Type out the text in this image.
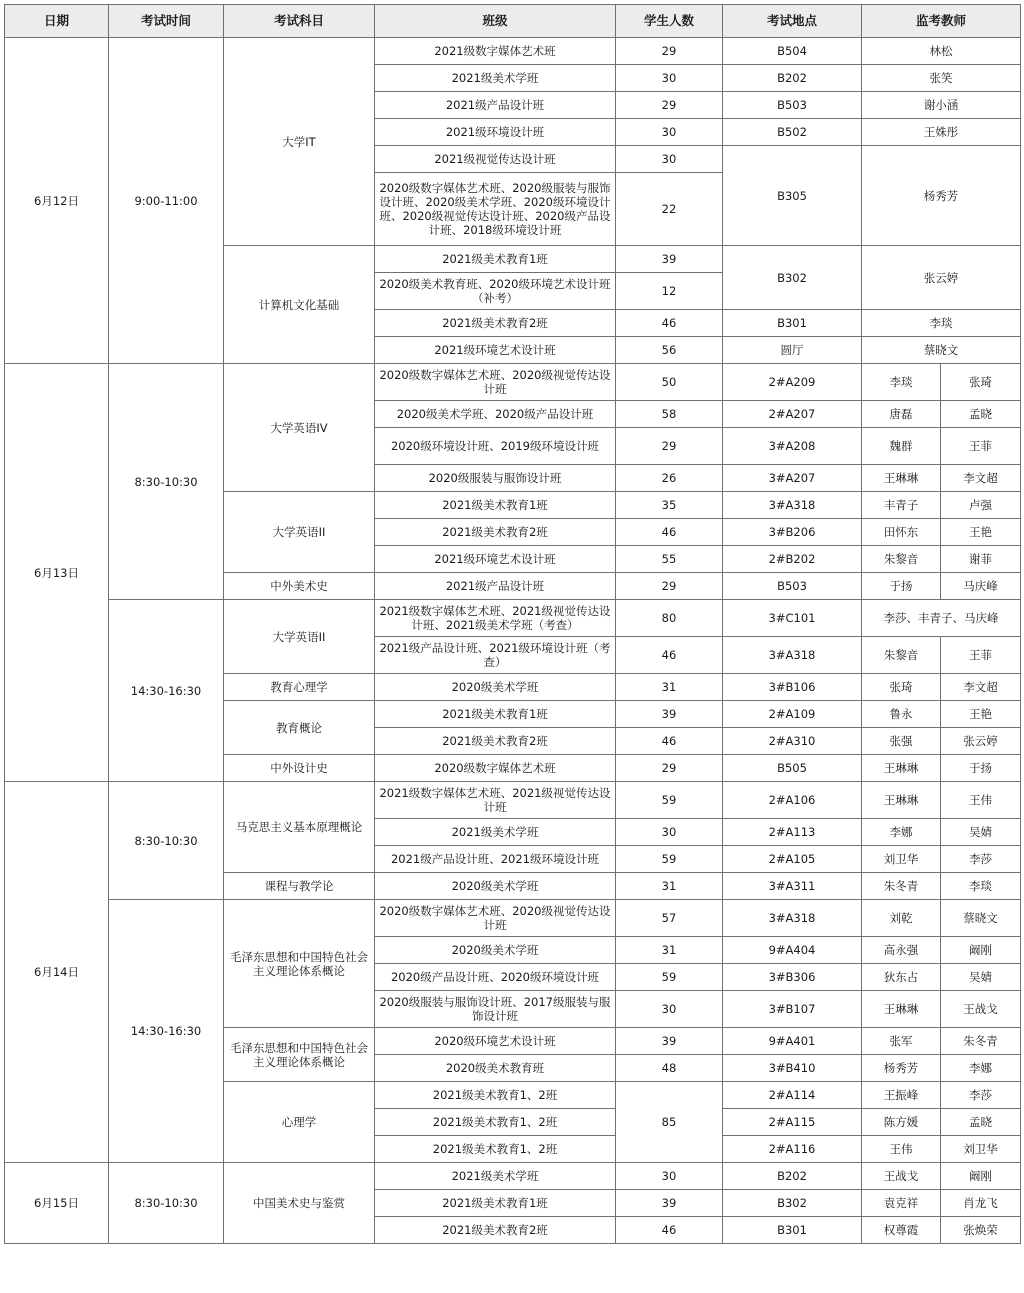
日期	考试时间	考试科目	班级	学生人数	考试地点	监考教师	
6月12日	9:00-11:00	大学IT	2021级数字媒体艺术班	29	B504	林松	
			2021级美术学班	30	B202	张笑	
			2021级产品设计班	29	B503	谢小涵	
			2021级环境设计班	30	B502	王姝彤	
			2021级视觉传达设计班	30	B305	杨秀芳	
			2020级数字媒体艺术班、2020级服装与服饰设计班、2020级美术学班、2020级环境设计班、2020级视觉传达设计班、2020级产品设计班、2018级环境设计班	22			
		计算机文化基础	2021级美术教育1班	39	B302	张云婷	
			2020级美术教育班、2020级环境艺术设计班（补考）	12			
			2021级美术教育2班	46	B301	李琰	
			2021级环境艺术设计班	56	圆厅	蔡晓文	
6月13日	8:30-10:30	大学英语IV	2020级数字媒体艺术班、2020级视觉传达设计班	50	2#A209	李琰	张琦
			2020级美术学班、2020级产品设计班	58	2#A207	唐磊	孟晓
			2020级环境设计班、2019级环境设计班	29	3#A208	魏群	王菲
			2020级服装与服饰设计班	26	3#A207	王琳琳	李文超
		大学英语II	2021级美术教育1班	35	3#A318	丰青子	卢强
			2021级美术教育2班	46	3#B206	田怀东	王艳
			2021级环境艺术设计班	55	2#B202	朱黎音	谢菲
		中外美术史	2021级产品设计班	29	B503	于扬	马庆峰
	14:30-16:30	大学英语II	2021级数字媒体艺术班、2021级视觉传达设计班、2021级美术学班（考查）	80	3#C101	李莎、丰青子、马庆峰	
			2021级产品设计班、2021级环境设计班（考查）	46	3#A318	朱黎音	王菲
		教育心理学	2020级美术学班	31	3#B106	张琦	李文超
		教育概论	2021级美术教育1班	39	2#A109	鲁永	王艳
			2021级美术教育2班	46	2#A310	张强	张云婷
		中外设计史	2020级数字媒体艺术班	29	B505	王琳琳	于扬
6月14日	8:30-10:30	马克思主义基本原理概论	2021级数字媒体艺术班、2021级视觉传达设计班	59	2#A106	王琳琳	王伟
			2021级美术学班	30	2#A113	李娜	吴婧
			2021级产品设计班、2021级环境设计班	59	2#A105	刘卫华	李莎
		课程与教学论	2020级美术学班	31	3#A311	朱冬青	李琰
	14:30-16:30	毛泽东思想和中国特色社会主义理论体系概论	2020级数字媒体艺术班、2020级视觉传达设计班	57	3#A318	刘乾	蔡晓文
			2020级美术学班	31	9#A404	高永强	阚刚
			2020级产品设计班、2020级环境设计班	59	3#B306	狄东占	吴婧
			2020级服装与服饰设计班、2017级服装与服饰设计班	30	3#B107	王琳琳	王战戈
		毛泽东思想和中国特色社会主义理论体系概论	2020级环境艺术设计班	39	9#A401	张军	朱冬青
			2020级美术教育班	48	3#B410	杨秀芳	李娜
		心理学	2021级美术教育1、2班	85	2#A114	王振峰	李莎
			2021级美术教育1、2班		2#A115	陈方媛	孟晓
			2021级美术教育1、2班		2#A116	王伟	刘卫华
6月15日	8:30-10:30	中国美术史与鉴赏	2021级美术学班	30	B202	王战戈	阚刚
			2021级美术教育1班	39	B302	袁克祥	肖龙飞
			2021级美术教育2班	46	B301	权尊霞	张焕荣
